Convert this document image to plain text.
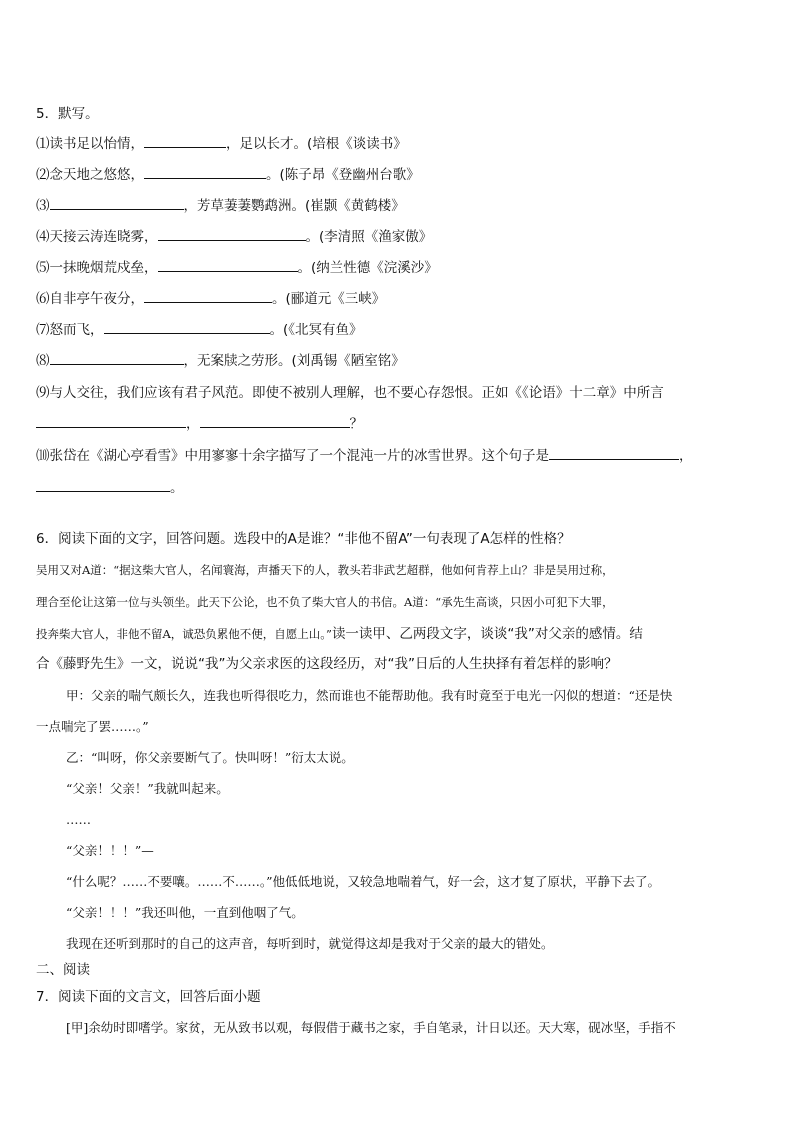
5．默写。
⑴读书足以怡情，	，足以长才。(培根《谈读书》
⑵念天地之悠悠，	。(陈子昂《登幽州台歌》
⑶	，芳草萋萋鹦鹉洲。(崔颢《黄鹤楼》
⑷天接云涛连晓雾，	。(李清照《渔家傲》
⑸一抹晚烟荒戍垒，	。(纳兰性德《浣溪沙》
⑹自非亭午夜分，	。(郦道元《三峡》
⑺怒而飞，	。(《北冥有鱼》
⑻	，无案牍之劳形。(刘禹锡《陋室铭》
⑼与人交往，我们应该有君子风范。即使不被别人理解，也不要心存怨恨。正如《《论语》十二章》中所言
，	？
⑽张岱在《湖心亭看雪》中用寥寥十余字描写了一个混沌一片的冰雪世界。这个句子是	，
。
6．阅读下面的文字，回答问题。选段中的A是谁？“非他不留A”一句表现了A怎样的性格？
吴用又对A道：“据这柴大官人，名闻寰海，声播天下的人，教头若非武艺超群，他如何肯荐上山？非是吴用过称，
理合至伦让这第一位与头领坐。此天下公论，也不负了柴大官人的书信。A道：“承先生高谈，只因小可犯下大罪，
投奔柴大官人，非他不留A，诚恐负累他不便，自愿上山。”读一读甲、乙两段文字，谈谈“我”对父亲的感情。结
合《藤野先生》一文，说说“我”为父亲求医的这段经历，对“我”日后的人生抉择有着怎样的影响？
甲：父亲的喘气颇长久，连我也听得很吃力，然而谁也不能帮助他。我有时竟至于电光一闪似的想道：“还是快
一点喘完了罢……。”
乙：“叫呀，你父亲要断气了。快叫呀！”衍太太说。
“父亲！父亲！”我就叫起来。
……
“父亲！！！”—
“什么呢？……不要嚷。……不……。”他低低地说，又较急地喘着气，好一会，这才复了原状，平静下去了。
“父亲！！！”我还叫他，一直到他咽了气。
我现在还听到那时的自己的这声音，每听到时，就觉得这却是我对于父亲的最大的错处。
二、阅读
7．阅读下面的文言文，回答后面小题
[甲]余幼时即嗜学。家贫，无从致书以观，每假借于藏书之家，手自笔录，计日以还。天大寒，砚冰坚，手指不
